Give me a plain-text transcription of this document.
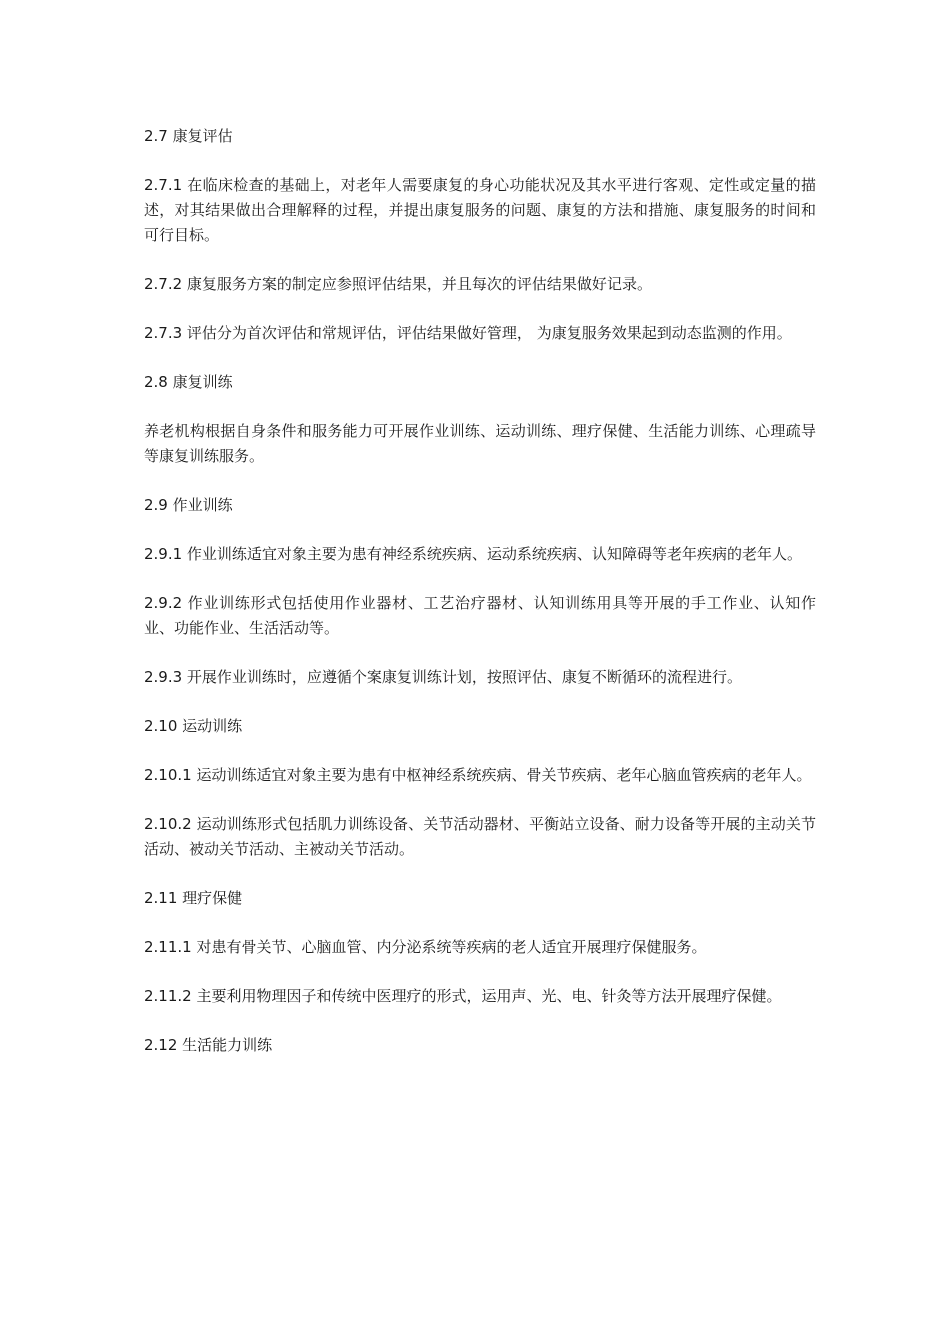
2.7 康复评估

2.7.1 在临床检查的基础上，对老年人需要康复的身心功能状况及其水平进行客观、定性或定量的描述，对其结果做出合理解释的过程，并提出康复服务的问题、康复的方法和措施、康复服务的时间和可行目标。

2.7.2 康复服务方案的制定应参照评估结果，并且每次的评估结果做好记录。

2.7.3 评估分为首次评估和常规评估，评估结果做好管理， 为康复服务效果起到动态监测的作用。

2.8 康复训练

养老机构根据自身条件和服务能力可开展作业训练、运动训练、理疗保健、生活能力训练、心理疏导等康复训练服务。

2.9 作业训练

2.9.1 作业训练适宜对象主要为患有神经系统疾病、运动系统疾病、认知障碍等老年疾病的老年人。

2.9.2 作业训练形式包括使用作业器材、工艺治疗器材、认知训练用具等开展的手工作业、认知作业、功能作业、生活活动等。

2.9.3 开展作业训练时，应遵循个案康复训练计划，按照评估、康复不断循环的流程进行。

2.10 运动训练

2.10.1 运动训练适宜对象主要为患有中枢神经系统疾病、骨关节疾病、老年心脑血管疾病的老年人。

2.10.2 运动训练形式包括肌力训练设备、关节活动器材、平衡站立设备、耐力设备等开展的主动关节活动、被动关节活动、主被动关节活动。

2.11 理疗保健

2.11.1 对患有骨关节、心脑血管、内分泌系统等疾病的老人适宜开展理疗保健服务。

2.11.2 主要利用物理因子和传统中医理疗的形式，运用声、光、电、针灸等方法开展理疗保健。

2.12 生活能力训练
